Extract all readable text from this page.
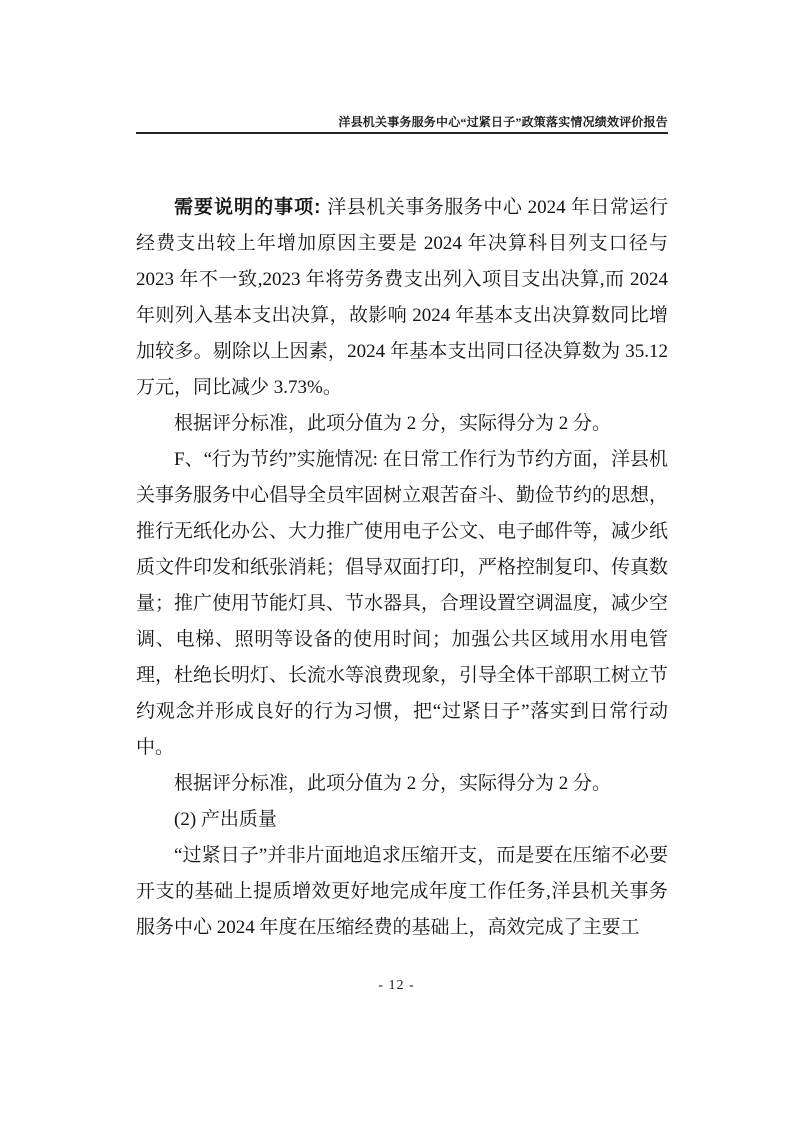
洋县机关事务服务中心“过紧日子”政策落实情况绩效评价报告

需要说明的事项: 洋县机关事务服务中心 2024 年日常运行经费支出较上年增加原因主要是 2024 年决算科目列支口径与 2023 年不一致,2023 年将劳务费支出列入项目支出决算,而 2024 年则列入基本支出决算，故影响 2024 年基本支出决算数同比增加较多。剔除以上因素，2024 年基本支出同口径决算数为 35.12 万元，同比减少 3.73%。

根据评分标准，此项分值为 2 分，实际得分为 2 分。

F、“行为节约”实施情况: 在日常工作行为节约方面，洋县机关事务服务中心倡导全员牢固树立艰苦奋斗、勤俭节约的思想，推行无纸化办公、大力推广使用电子公文、电子邮件等，减少纸质文件印发和纸张消耗；倡导双面打印，严格控制复印、传真数量；推广使用节能灯具、节水器具，合理设置空调温度，减少空调、电梯、照明等设备的使用时间；加强公共区域用水用电管理，杜绝长明灯、长流水等浪费现象，引导全体干部职工树立节约观念并形成良好的行为习惯，把“过紧日子”落实到日常行动中。

根据评分标准，此项分值为 2 分，实际得分为 2 分。

(2) 产出质量

“过紧日子”并非片面地追求压缩开支，而是要在压缩不必要开支的基础上提质增效更好地完成年度工作任务,洋县机关事务服务中心 2024 年度在压缩经费的基础上，高效完成了主要工

- 12 -
